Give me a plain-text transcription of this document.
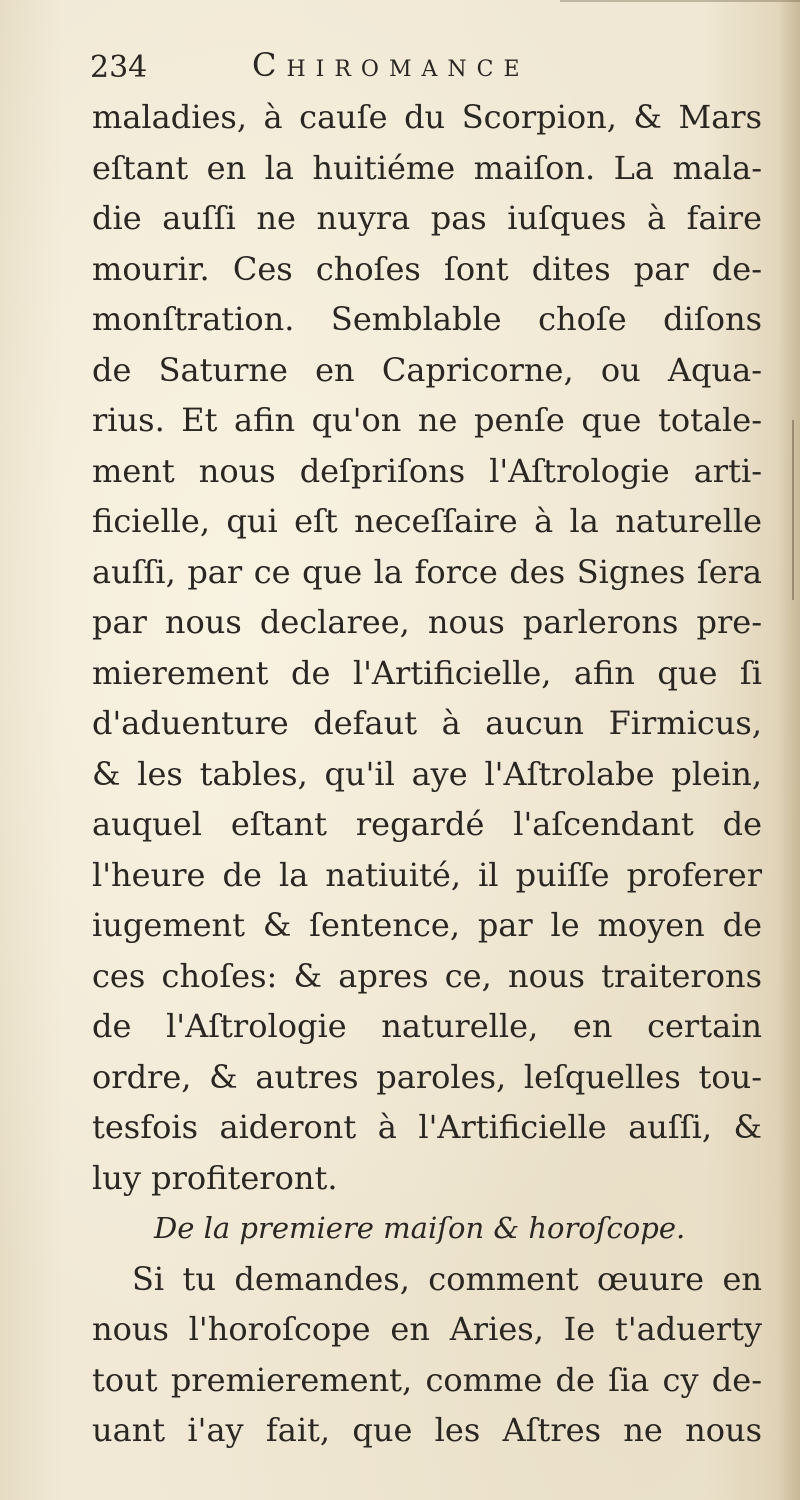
234	Chiromance
maladies, à cauſe du Scorpion, & Mars
eſtant en la huitiéme maiſon. La mala-
die auſſi ne nuyra pas iuſques à faire
mourir. Ces choſes ſont dites par de-
monſtration. Semblable choſe diſons
de Saturne en Capricorne, ou Aqua-
rius. Et afin qu'on ne penſe que totale-
ment nous deſpriſons l'Aſtrologie arti-
ficielle, qui eſt neceſſaire à la naturelle
auſſi, par ce que la force des Signes ſera
par nous declaree, nous parlerons pre-
mierement de l'Artificielle, afin que ſi
d'aduenture defaut à aucun Firmicus,
& les tables, qu'il aye l'Aſtrolabe plein,
auquel eſtant regardé l'aſcendant de
l'heure de la natiuité, il puiſſe proferer
iugement & ſentence, par le moyen de
ces choſes: & apres ce, nous traiterons
de l'Aſtrologie naturelle, en certain
ordre, & autres paroles, leſquelles tou-
tesfois aideront à l'Artificielle auſſi, &
luy profiteront.
De la premiere maiſon & horoſcope.
Si tu demandes, comment œuure en
nous l'horoſcope en Aries, Ie t'aduerty
tout premierement, comme de ſia cy de-
uant i'ay fait, que les Aſtres ne nous
